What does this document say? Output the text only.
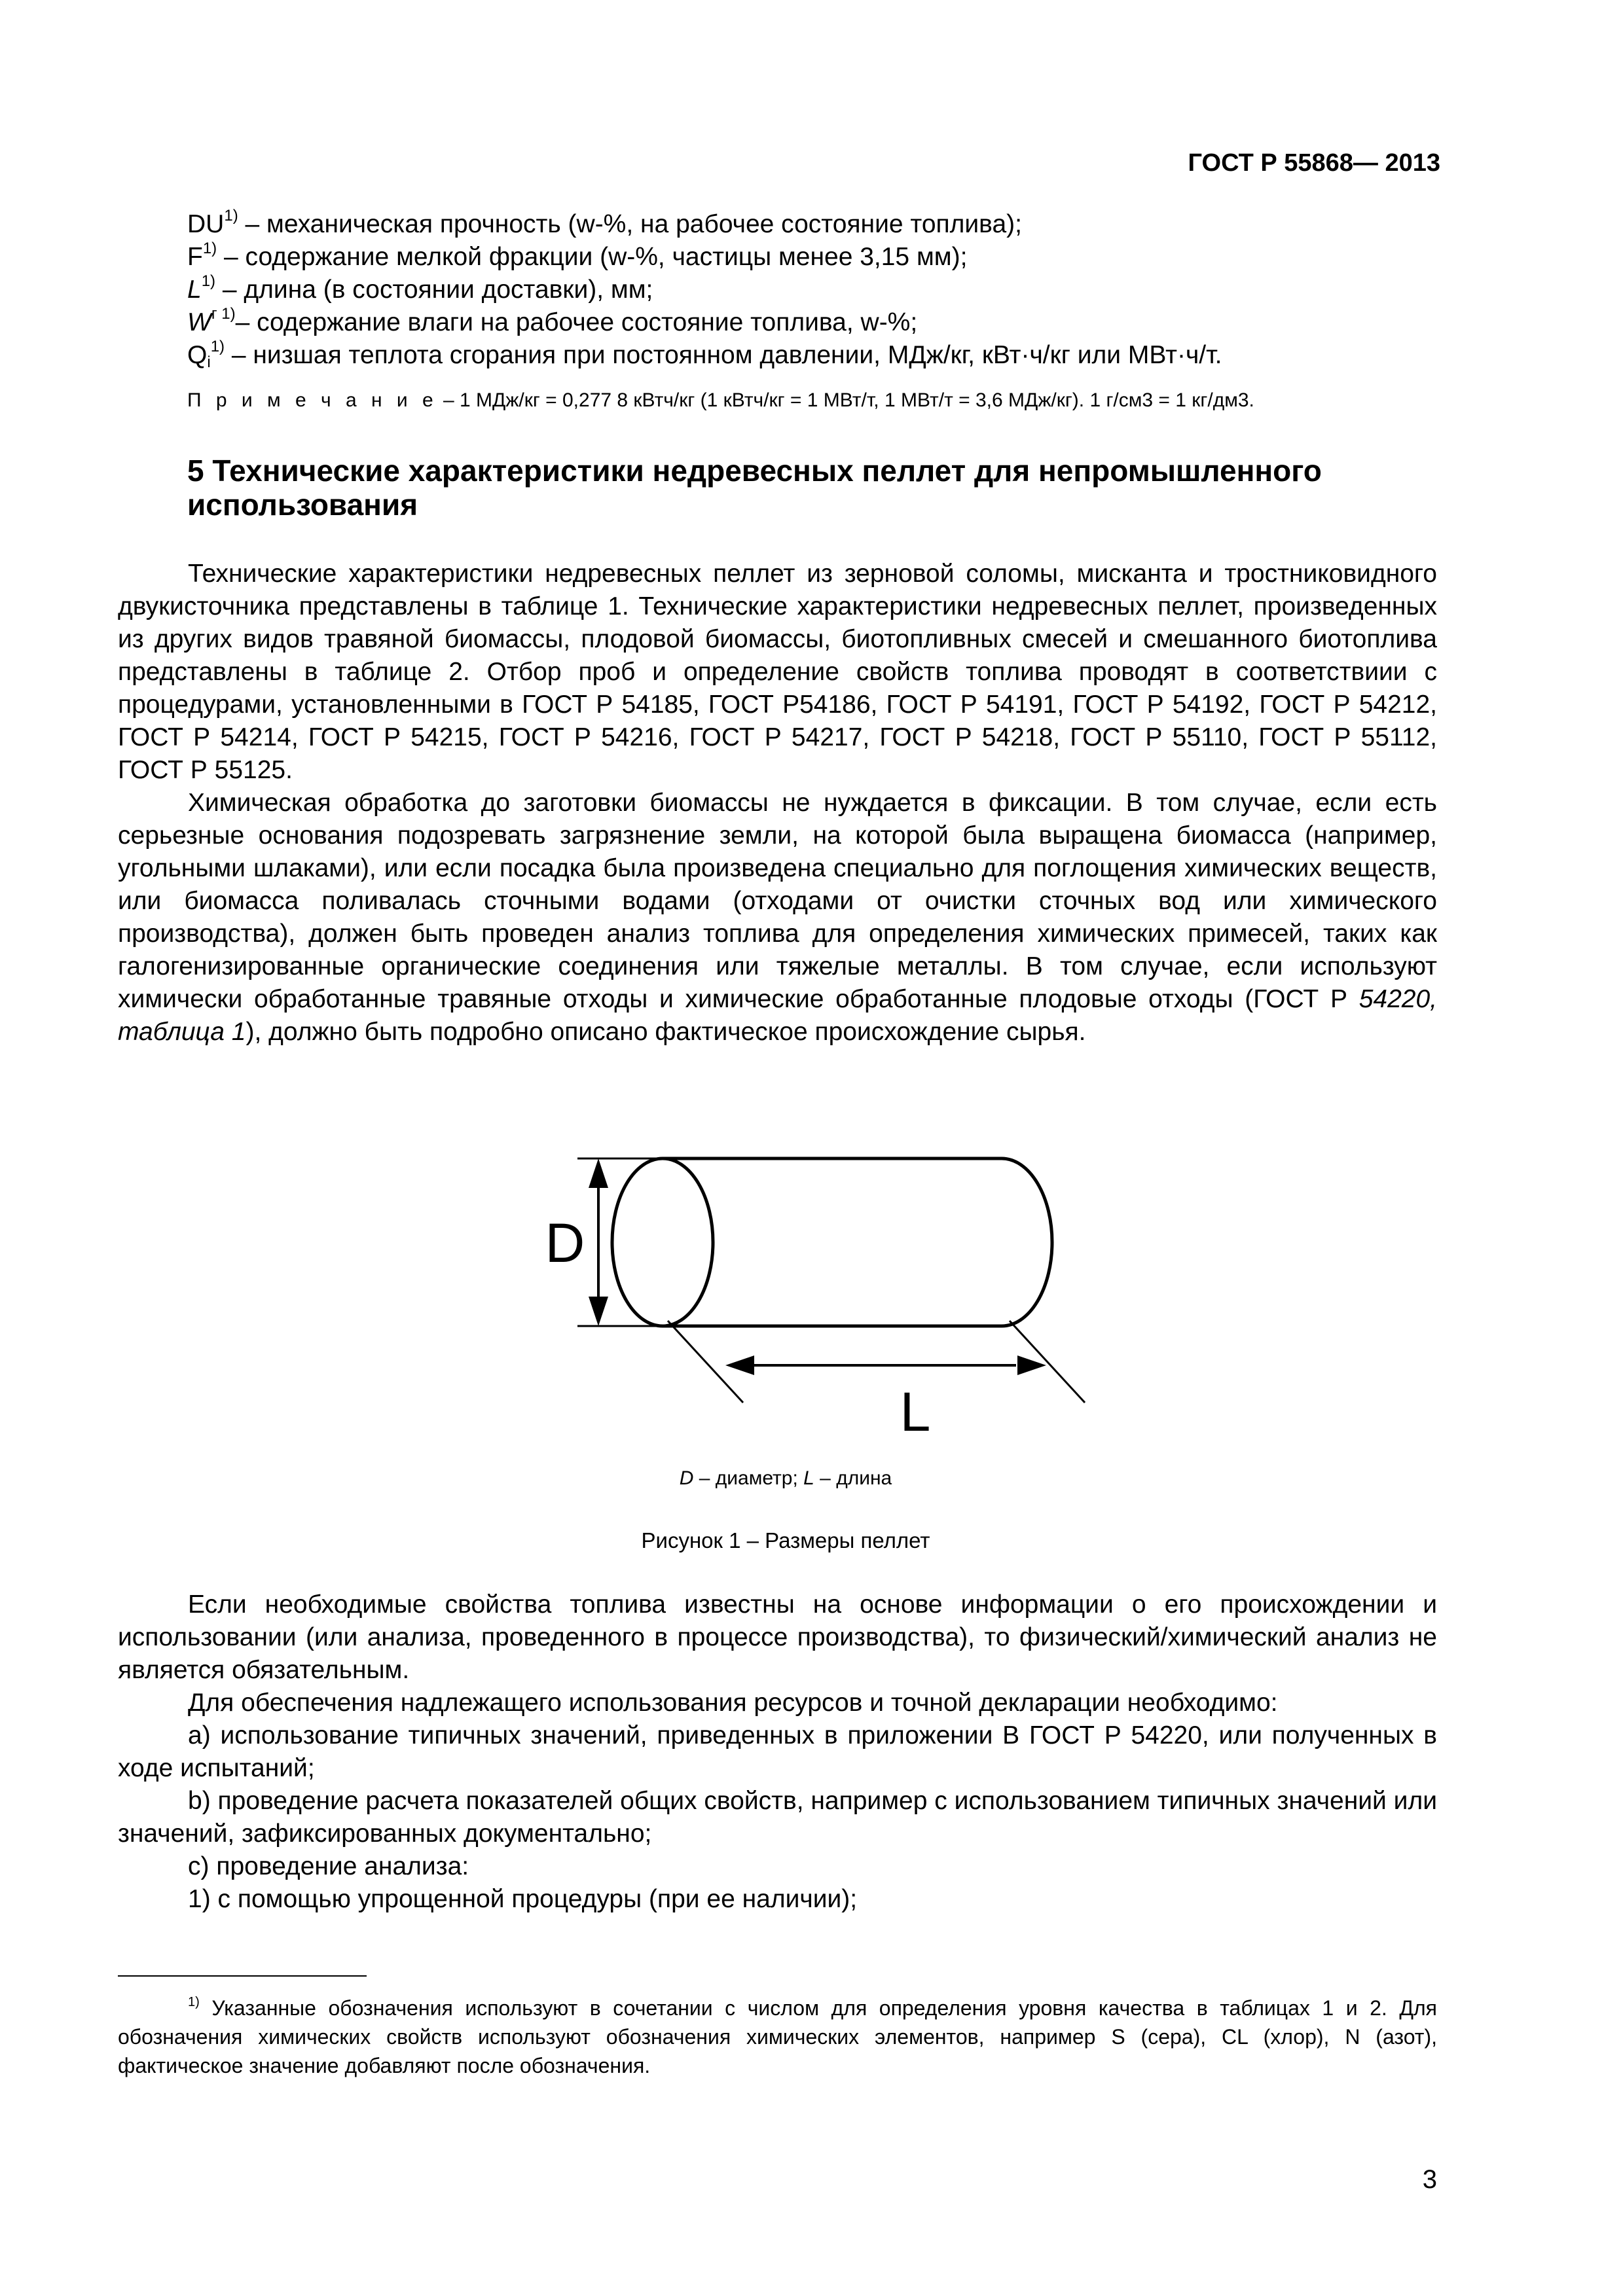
ГОСТ Р 55868— 2013
DU$^{1)}$ – механическая прочность (w-%, на рабочее состояние топлива);
$F^{1)}$ – содержание мелкой фракции (w-%, частицы менее 3,15 мм);
$L^{1)}$ – длина (в состоянии доставки), мм;
$W^{г 1)}-$ содержание влаги на рабочее состояние топлива, w-%;
$Q_i^{1)}$ – низшая теплота сгорания при постоянном давлении, МДж/кг, кВт·ч/кг или МВт·ч/т.
П р и м е ч а н и е – 1 МДж/кг = 0,277 8 кВтч/кг (1 кВтч/кг = 1 МВт/т, 1 МВт/т = 3,6 МДж/кг). 1 г/см3 = 1 кг/дм3.
5 Технические характеристики недревесных пеллет для непромышленного использования
Технические характеристики недревесных пеллет из зерновой соломы, мисканта и тростниковидного двукисточника представлены в таблице 1. Технические характеристики недревесных пеллет, произведенных из других видов травяной биомассы, плодовой биомассы, биотопливных смесей и смешанного биотоплива представлены в таблице 2. Отбор проб и определение свойств топлива проводят в соответствиии с процедурами, установленными в ГОСТ Р 54185, ГОСТ Р54186, ГОСТ Р 54191, ГОСТ Р 54192, ГОСТ Р 54212, ГОСТ Р 54214, ГОСТ Р 54215, ГОСТ Р 54216, ГОСТ Р 54217, ГОСТ Р 54218, ГОСТ Р 55110, ГОСТ Р 55112, ГОСТ Р 55125.
Химическая обработка до заготовки биомассы не нуждается в фиксации. В том случае, если есть серьезные основания подозревать загрязнение земли, на которой была выращена биомасса (например, угольными шлаками), или если посадка была произведена специально для поглощения химических веществ, или биомасса поливалась сточными водами (отходами от очистки сточных вод или химического производства), должен быть проведен анализ топлива для определения химических примесей, таких как галогенизированные органические соединения или тяжелые металлы. В том случае, если используют химически обработанные травяные отходы и химические обработанные плодовые отходы (ГОСТ Р 54220, таблица 1), должно быть подробно описано фактическое происхождение сырья.
D
L
D – диаметр; L – длина
Рисунок 1 – Размеры пеллет
Если необходимые свойства топлива известны на основе информации о его происхождении и использовании (или анализа, проведенного в процессе производства), то физический/химический анализ не является обязательным.
Для обеспечения надлежащего использования ресурсов и точной декларации необходимо:
а) использование типичных значений, приведенных в приложении В ГОСТ Р 54220, или полученных в ходе испытаний;
b) проведение расчета показателей общих свойств, например с использованием типичных значений или значений, зафиксированных документально;
с) проведение анализа:
1) с помощью упрощенной процедуры (при ее наличии);
$^{1)}$ Указанные обозначения используют в сочетании с числом для определения уровня качества в таблицах 1 и 2. Для обозначения химических свойств используют обозначения химических элементов, например S (сера), CL (хлор), N (азот), фактическое значение добавляют после обозначения.
3
